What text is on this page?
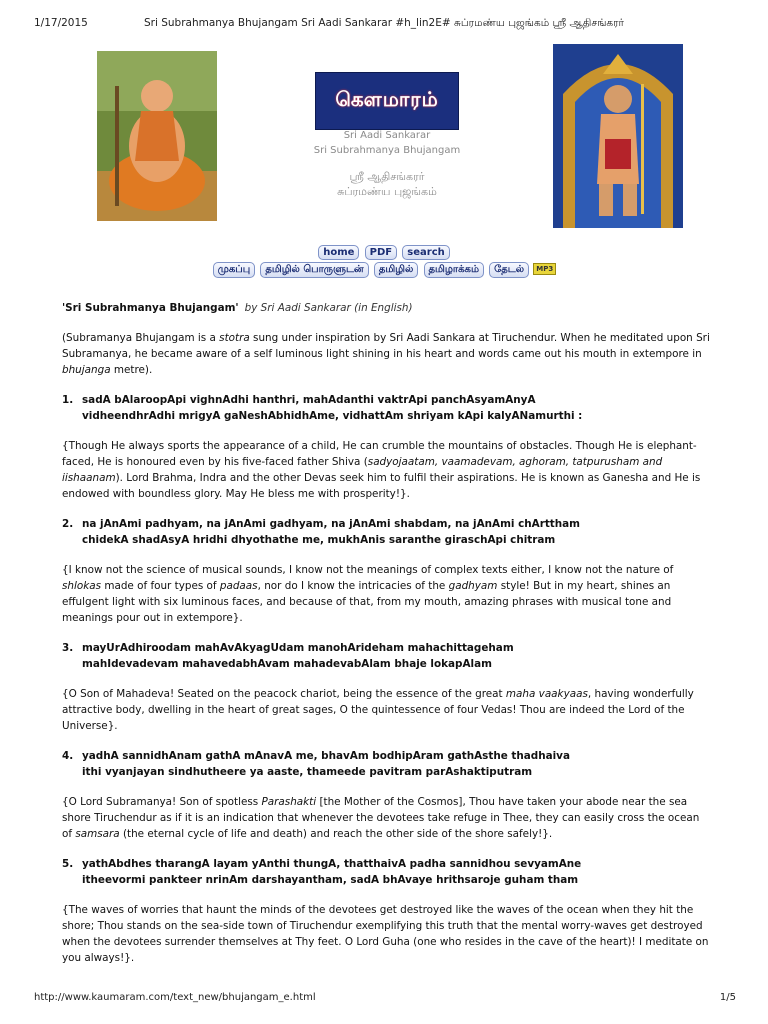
1/17/2015	Sri Subrahmanya Bhujangam Sri Aadi Sankarar #h_lin2E# சுப்ரமண்ய புஜங்கம் ஸ்ரீ ஆதிசங்கரர்
கௌமாரம்
Sri Aadi Sankarar
Sri Subrahmanya Bhujangam
ஸ்ரீ ஆதிசங்கரர்
சுப்ரமண்ய புஜங்கம்
home PDF search
முகப்பு தமிழில் பொருளுடன் தமிழில் தமிழாக்கம் தேடல் MP3
'Sri Subrahmanya Bhujangam' by Sri Aadi Sankarar (in English)
(Subramanya Bhujangam is a stotra sung under inspiration by Sri Aadi Sankara at Tiruchendur. When he meditated upon Sri Subramanya, he became aware of a self luminous light shining in his heart and words came out his mouth in extempore in bhujanga metre).
1. sadA bAlaroopApi vighnAdhi hanthri, mahAdanthi vaktrApi panchAsyamAnyA
vidheendhrAdhi mrigyA gaNeshAbhidhAme, vidhattAm shriyam kApi kalyANamurthi :
{Though He always sports the appearance of a child, He can crumble the mountains of obstacles. Though He is elephant-faced, He is honoured even by his five-faced father Shiva (sadyojaatam, vaamadevam, aghoram, tatpurusham and iishaanam). Lord Brahma, Indra and the other Devas seek him to fulfil their aspirations. He is known as Ganesha and He is endowed with boundless glory. May He bless me with prosperity!}.
2. na jAnAmi padhyam, na jAnAmi gadhyam, na jAnAmi shabdam, na jAnAmi chArttham
chidekA shadAsyA hridhi dhyothathe me, mukhAnis saranthe giraschApi chitram
{I know not the science of musical sounds, I know not the meanings of complex texts either, I know not the nature of shlokas made of four types of padaas, nor do I know the intricacies of the gadhyam style! But in my heart, shines an effulgent light with six luminous faces, and because of that, from my mouth, amazing phrases with musical tone and meanings pour out in extempore}.
3. mayUrAdhiroodam mahAvAkyagUdam manohArideham mahachittageham
mahIdevadevam mahavedabhAvam mahadevabAlam bhaje lokapAlam
{O Son of Mahadeva! Seated on the peacock chariot, being the essence of the great maha vaakyaas, having wonderfully attractive body, dwelling in the heart of great sages, O the quintessence of four Vedas! Thou are indeed the Lord of the Universe}.
4. yadhA sannidhAnam gathA mAnavA me, bhavAm bodhipAram gathAsthe thadhaiva
ithi vyanjayan sindhutheere ya aaste, thameede pavitram parAshaktiputram
{O Lord Subramanya! Son of spotless Parashakti [the Mother of the Cosmos], Thou have taken your abode near the sea shore Tiruchendur as if it is an indication that whenever the devotees take refuge in Thee, they can easily cross the ocean of samsara (the eternal cycle of life and death) and reach the other side of the shore safely!}.
5. yathAbdhes tharangA layam yAnthi thungA, thatthaivA padha sannidhou sevyamAne
itheevormi pankteer nrinAm darshayantham, sadA bhAvaye hrithsaroje guham tham
{The waves of worries that haunt the minds of the devotees get destroyed like the waves of the ocean when they hit the shore; Thou stands on the sea-side town of Tiruchendur exemplifying this truth that the mental worry-waves get destroyed when the devotees surrender themselves at Thy feet. O Lord Guha (one who resides in the cave of the heart)! I meditate on you always!}.
http://www.kaumaram.com/text_new/bhujangam_e.html	1/5
